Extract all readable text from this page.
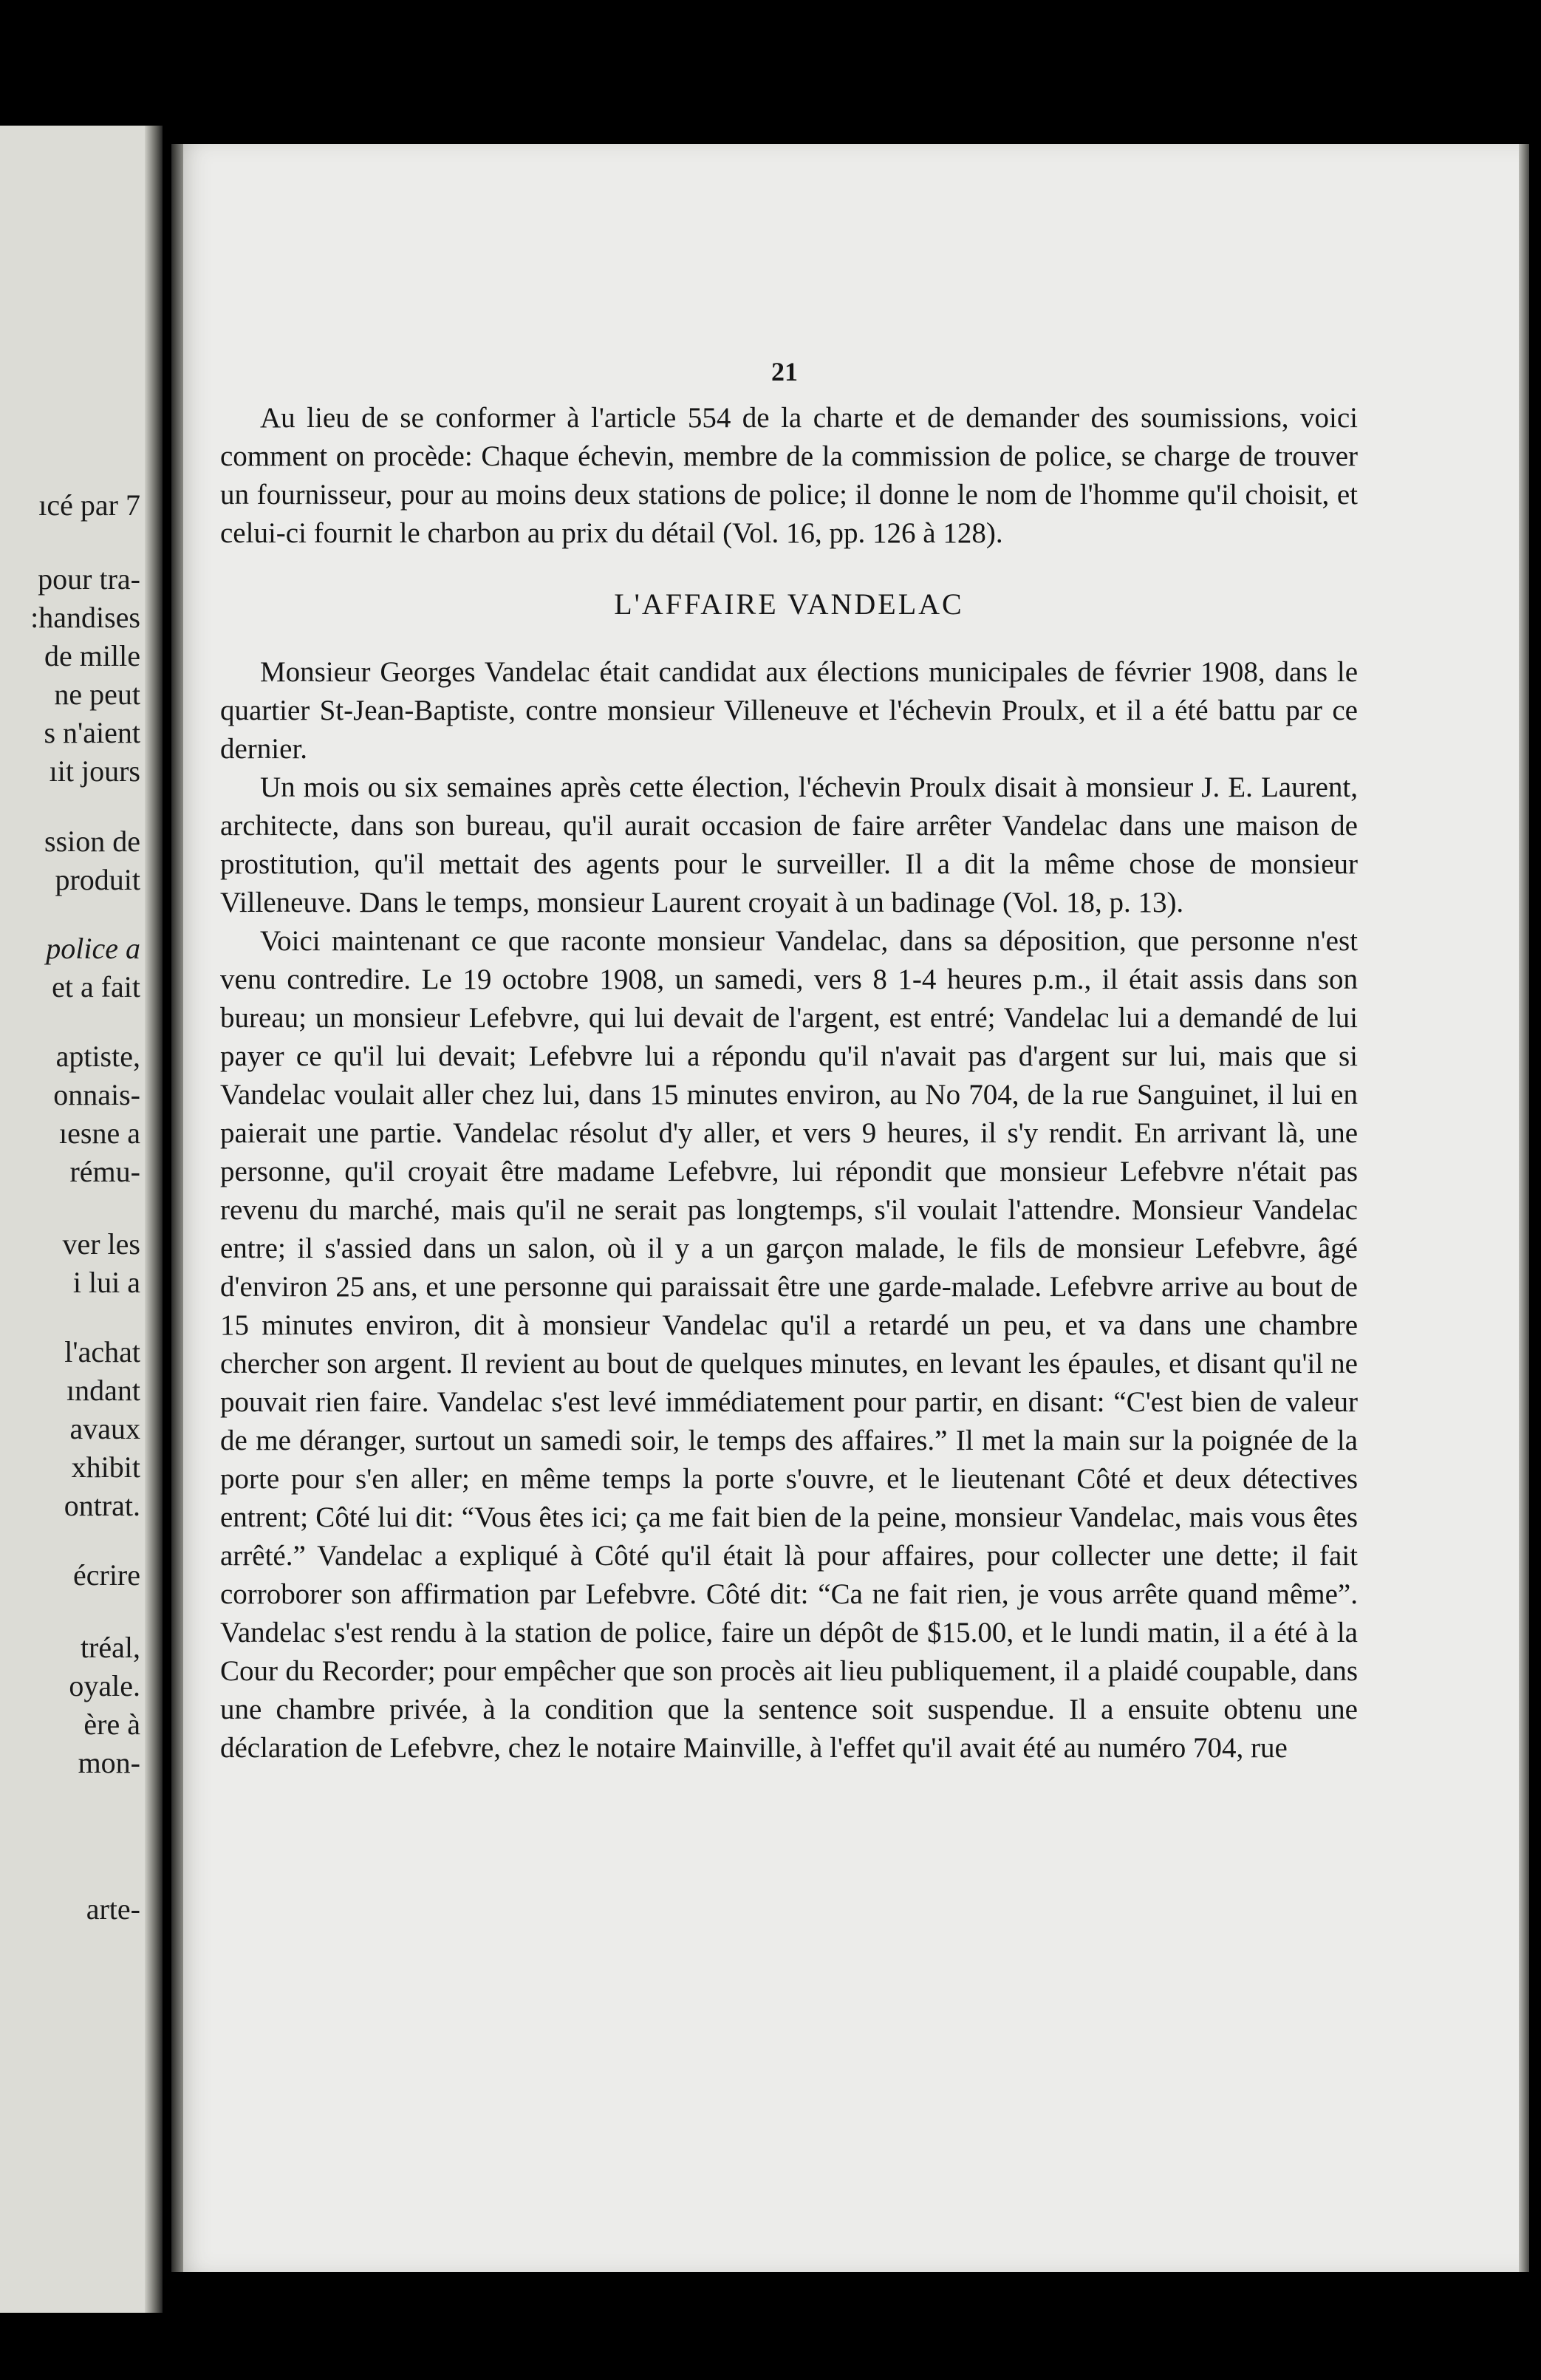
ıcé par 7
pour tra-
:handises
de mille
ne peut
s n'aient
ıit jours
ssion de
produit
police a
et a fait
aptiste,
onnais-
ıesne a
rému-
ver les
i lui a
l'achat
ındant
avaux
xhibit
ontrat.
écrire
tréal,
oyale.
ère à
mon-
arte-
21

Au lieu de se conformer à l'article 554 de la charte et de demander des soumissions, voici comment on procède: Chaque échevin, membre de la commission de police, se charge de trouver un fournisseur, pour au moins deux stations de police; il donne le nom de l'homme qu'il choisit, et celui-ci fournit le charbon au prix du détail (Vol. 16, pp. 126 à 128).

L'AFFAIRE VANDELAC

Monsieur Georges Vandelac était candidat aux élections municipales de février 1908, dans le quartier St-Jean-Baptiste, contre monsieur Villeneuve et l'échevin Proulx, et il a été battu par ce dernier.

Un mois ou six semaines après cette élection, l'échevin Proulx disait à monsieur J. E. Laurent, architecte, dans son bureau, qu'il aurait occasion de faire arrêter Vandelac dans une maison de prostitution, qu'il mettait des agents pour le surveiller. Il a dit la même chose de monsieur Villeneuve. Dans le temps, monsieur Laurent croyait à un badinage (Vol. 18, p. 13).

Voici maintenant ce que raconte monsieur Vandelac, dans sa déposition, que personne n'est venu contredire. Le 19 octobre 1908, un samedi, vers 8 1-4 heures p.m., il était assis dans son bureau; un monsieur Lefebvre, qui lui devait de l'argent, est entré; Vandelac lui a demandé de lui payer ce qu'il lui devait; Lefebvre lui a répondu qu'il n'avait pas d'argent sur lui, mais que si Vandelac voulait aller chez lui, dans 15 minutes environ, au No 704, de la rue Sanguinet, il lui en paierait une partie. Vandelac résolut d'y aller, et vers 9 heures, il s'y rendit. En arrivant là, une personne, qu'il croyait être madame Lefebvre, lui répondit que monsieur Lefebvre n'était pas revenu du marché, mais qu'il ne serait pas longtemps, s'il voulait l'attendre. Monsieur Vandelac entre; il s'assied dans un salon, où il y a un garçon malade, le fils de monsieur Lefebvre, âgé d'environ 25 ans, et une personne qui paraissait être une garde-malade. Lefebvre arrive au bout de 15 minutes environ, dit à monsieur Vandelac qu'il a retardé un peu, et va dans une chambre chercher son argent. Il revient au bout de quelques minutes, en levant les épaules, et disant qu'il ne pouvait rien faire. Vandelac s'est levé immédiatement pour partir, en disant: “C'est bien de valeur de me déranger, surtout un samedi soir, le temps des affaires.” Il met la main sur la poignée de la porte pour s'en aller; en même temps la porte s'ouvre, et le lieutenant Côté et deux détectives entrent; Côté lui dit: “Vous êtes ici; ça me fait bien de la peine, monsieur Vandelac, mais vous êtes arrêté.” Vandelac a expliqué à Côté qu'il était là pour affaires, pour collecter une dette; il fait corroborer son affirmation par Lefebvre. Côté dit: “Ca ne fait rien, je vous arrête quand même”. Vandelac s'est rendu à la station de police, faire un dépôt de $15.00, et le lundi matin, il a été à la Cour du Recorder; pour empêcher que son procès ait lieu publiquement, il a plaidé coupable, dans une chambre privée, à la condition que la sentence soit suspendue. Il a ensuite obtenu une déclaration de Lefebvre, chez le notaire Mainville, à l'effet qu'il avait été au numéro 704, rue
